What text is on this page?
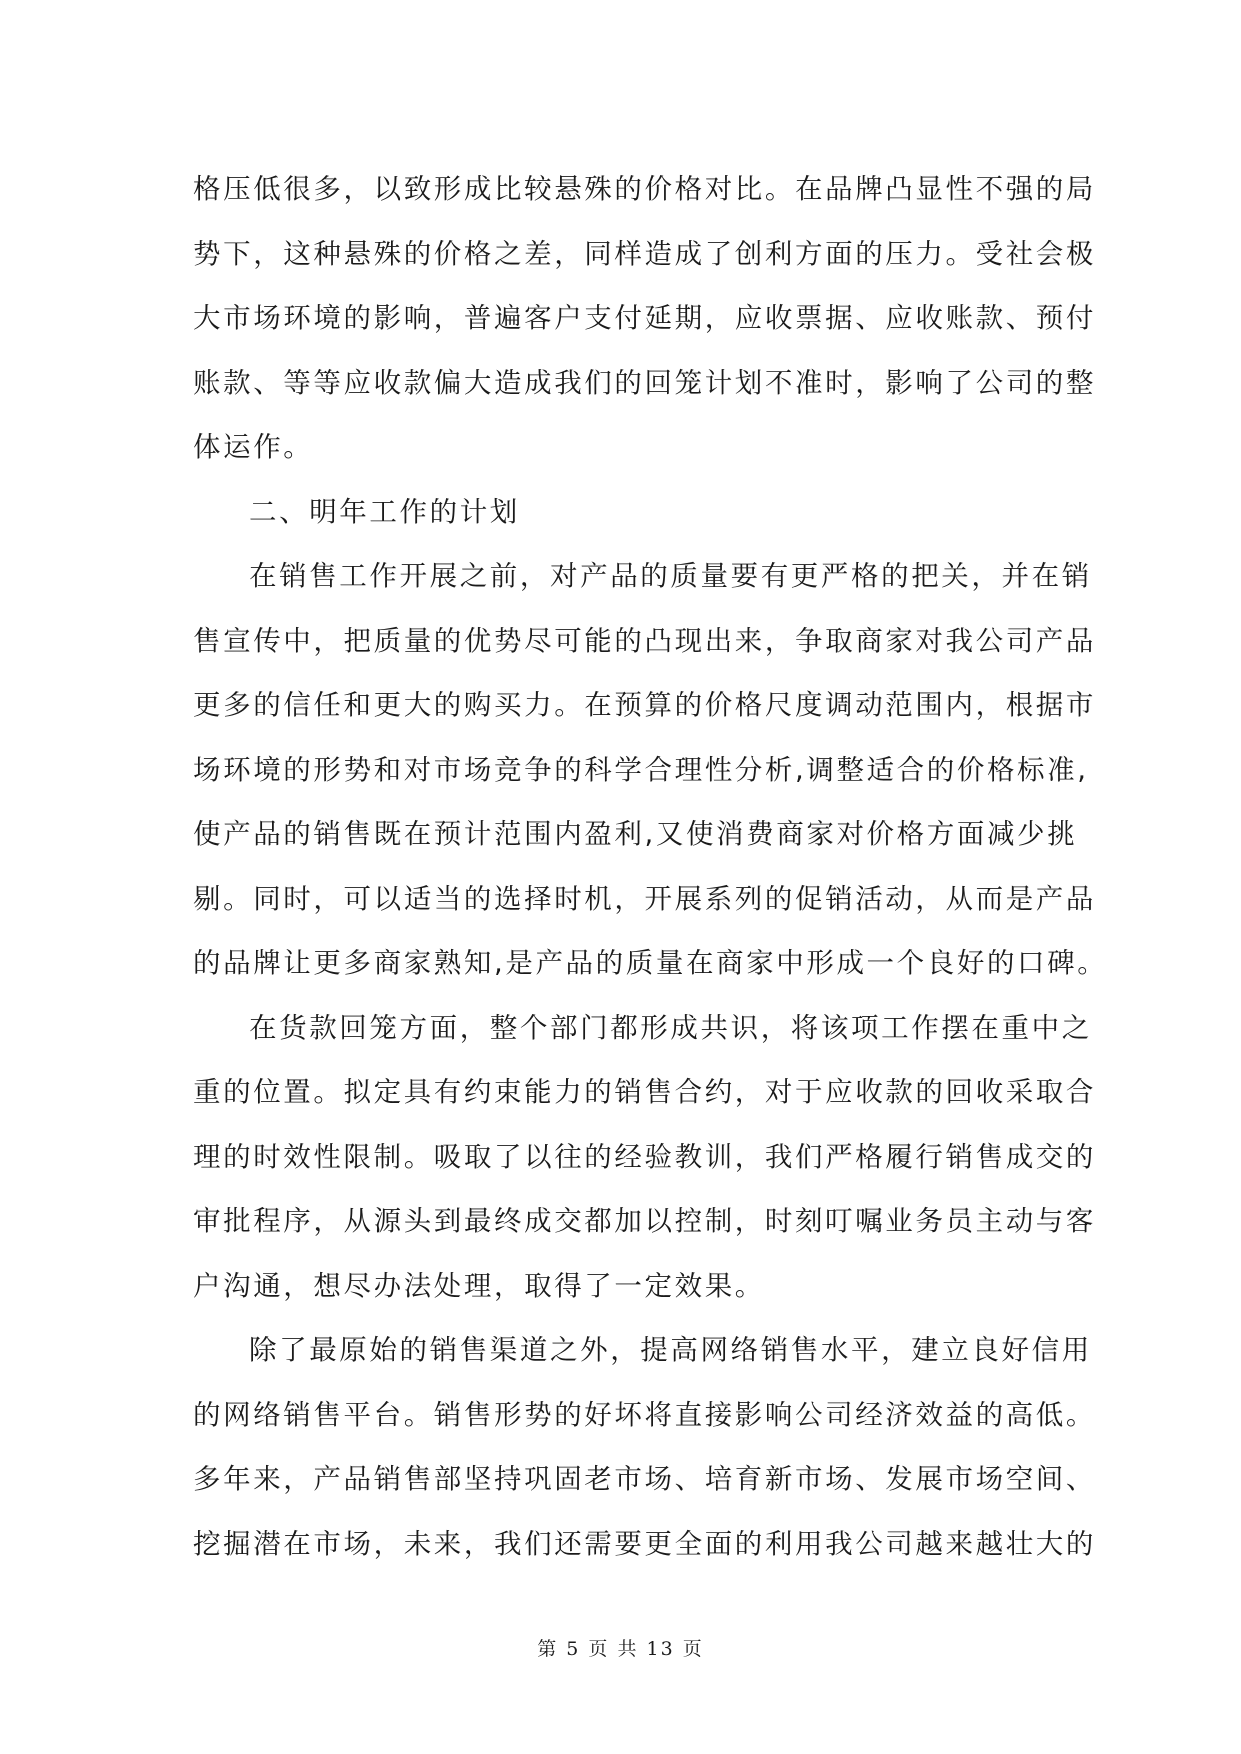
格压低很多，以致形成比较悬殊的价格对比。在品牌凸显性不强的局
势下，这种悬殊的价格之差，同样造成了创利方面的压力。受社会极
大市场环境的影响，普遍客户支付延期，应收票据、应收账款、预付
账款、等等应收款偏大造成我们的回笼计划不准时，影响了公司的整
体运作。
二、明年工作的计划
在销售工作开展之前，对产品的质量要有更严格的把关，并在销
售宣传中，把质量的优势尽可能的凸现出来，争取商家对我公司产品
更多的信任和更大的购买力。在预算的价格尺度调动范围内，根据市
场环境的形势和对市场竞争的科学合理性分析,调整适合的价格标准,
使产品的销售既在预计范围内盈利,又使消费商家对价格方面减少挑
剔。同时，可以适当的选择时机，开展系列的促销活动，从而是产品
的品牌让更多商家熟知,是产品的质量在商家中形成一个良好的口碑。
在货款回笼方面，整个部门都形成共识，将该项工作摆在重中之
重的位置。拟定具有约束能力的销售合约，对于应收款的回收采取合
理的时效性限制。吸取了以往的经验教训，我们严格履行销售成交的
审批程序，从源头到最终成交都加以控制，时刻叮嘱业务员主动与客
户沟通，想尽办法处理，取得了一定效果。
除了最原始的销售渠道之外，提高网络销售水平，建立良好信用
的网络销售平台。销售形势的好坏将直接影响公司经济效益的高低。
多年来，产品销售部坚持巩固老市场、培育新市场、发展市场空间、
挖掘潜在市场，未来，我们还需要更全面的利用我公司越来越壮大的
第 5 页 共 13 页
